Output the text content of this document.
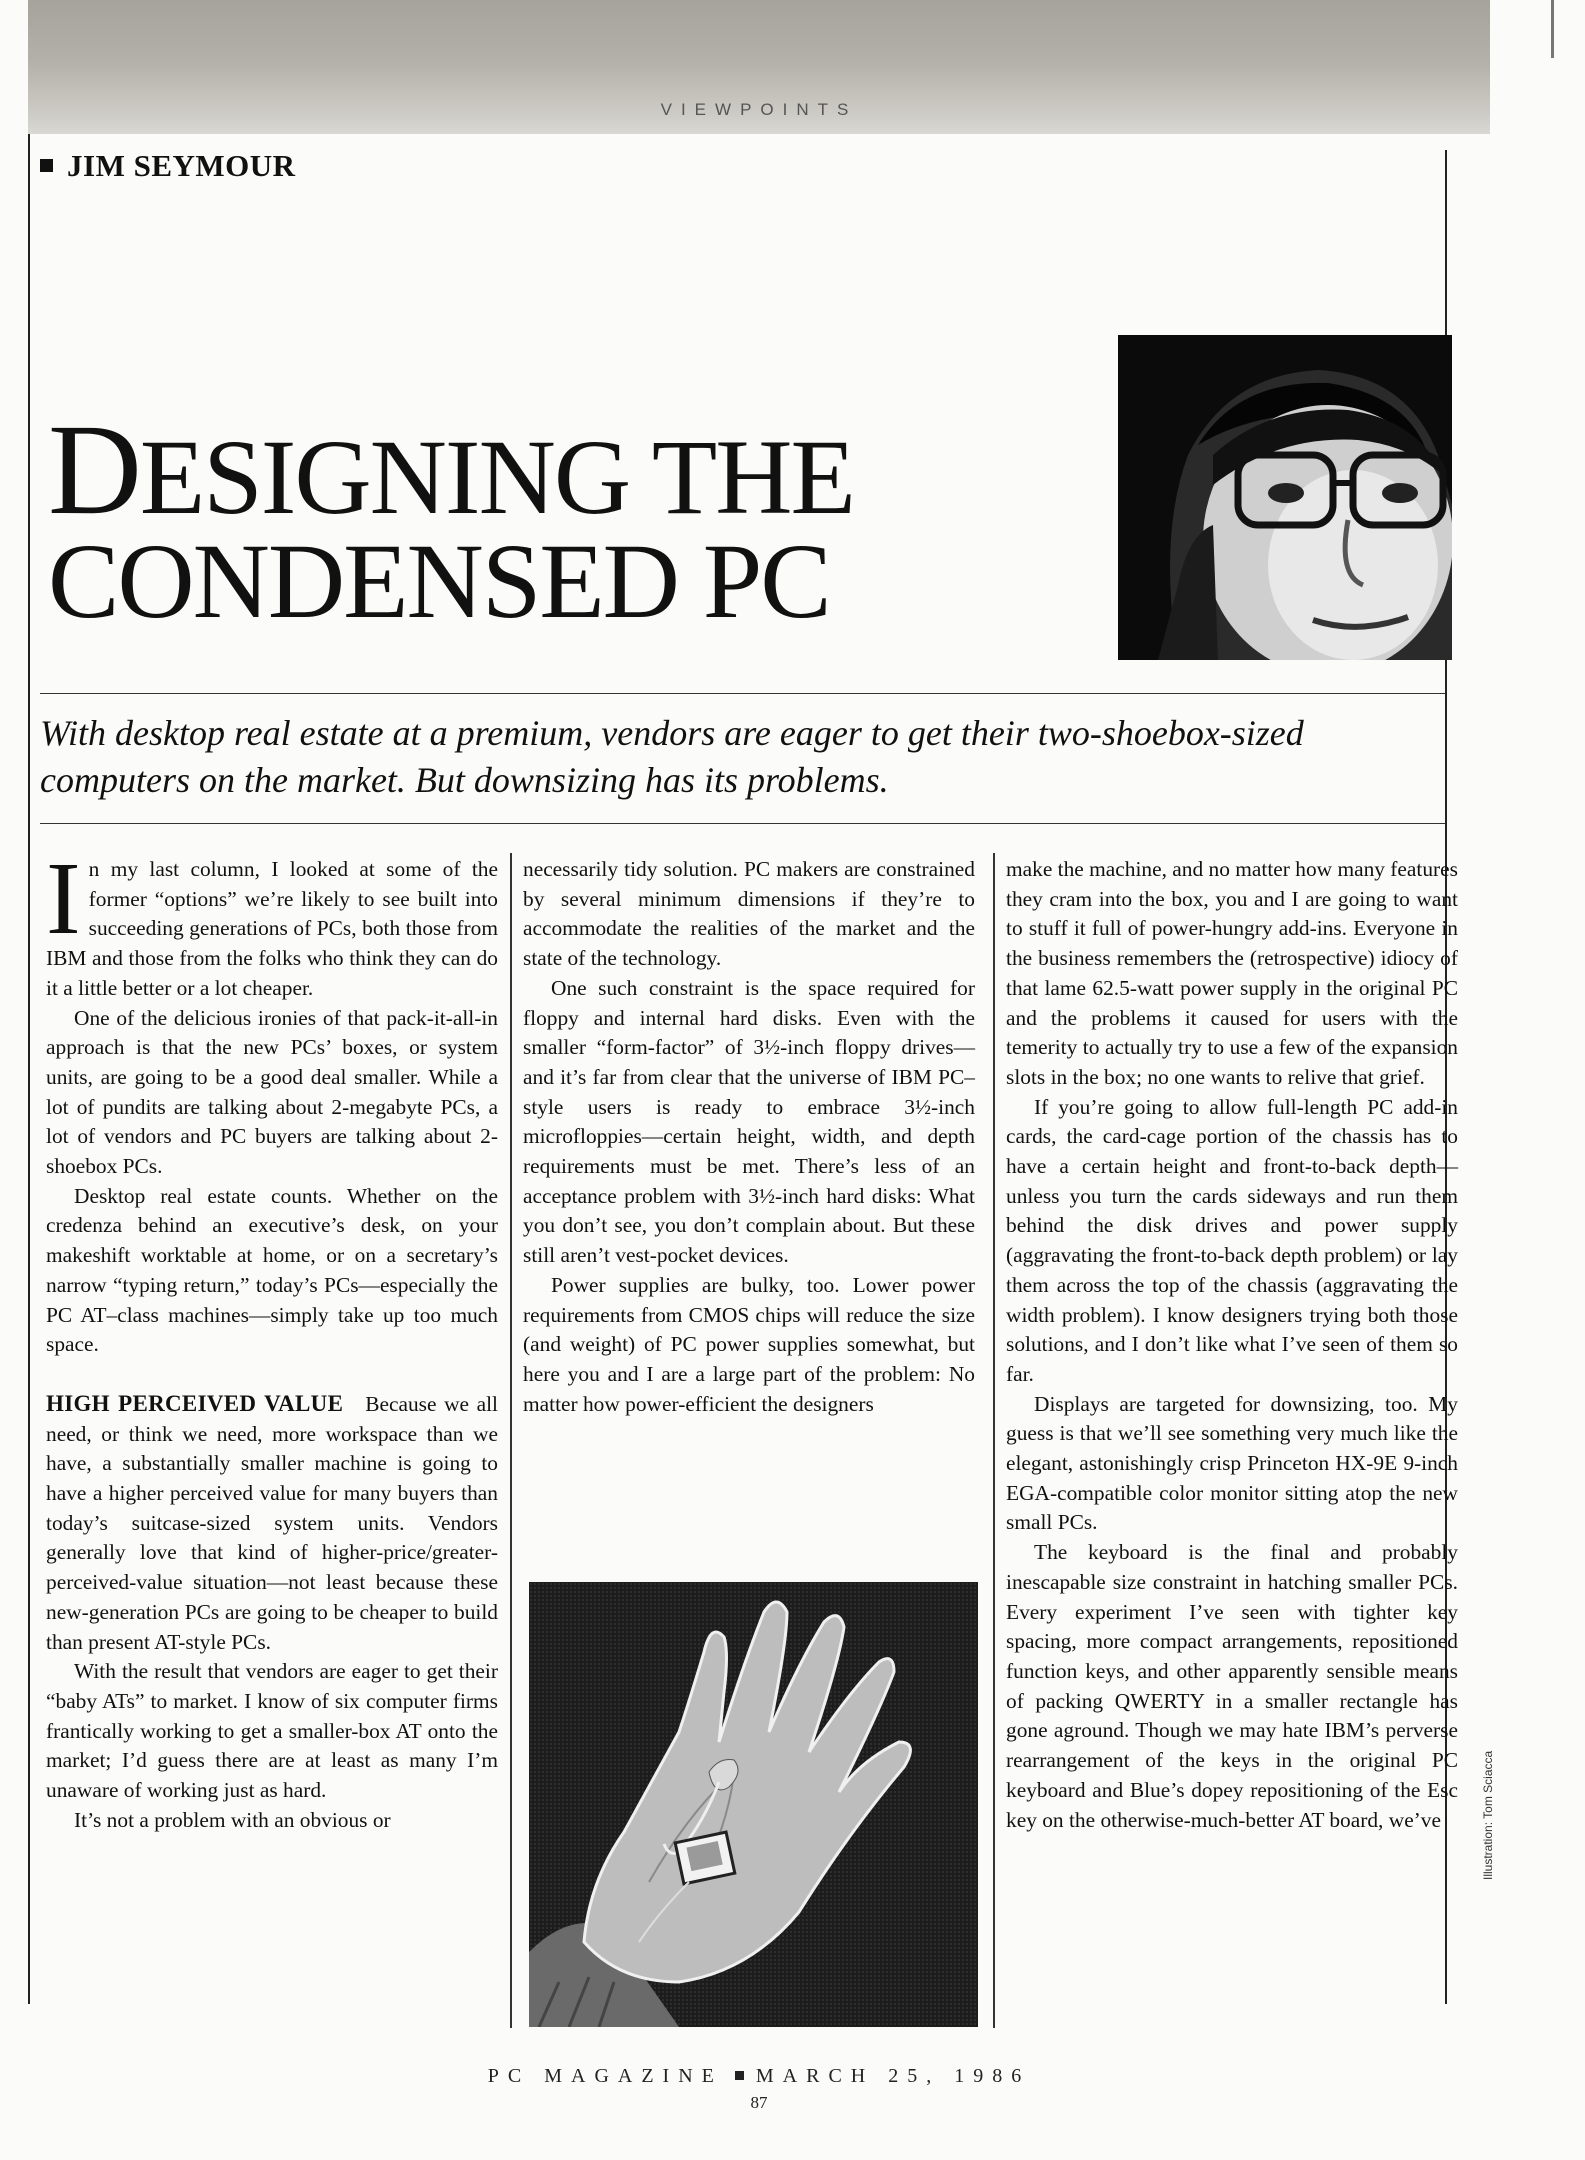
VIEWPOINTS
JIM SEYMOUR
DESIGNING THE
CONDENSED PC
With desktop real estate at a premium, vendors are eager to get their two-shoebox-sized computers on the market. But downsizing has its problems.

In my last column, I looked at some of the former “options” we’re likely to see built into succeeding generations of PCs, both those from IBM and those from the folks who think they can do it a little better or a lot cheaper.

One of the delicious ironies of that pack-it-all-in approach is that the new PCs’ boxes, or system units, are going to be a good deal smaller. While a lot of pundits are talking about 2-megabyte PCs, a lot of vendors and PC buyers are talking about 2-shoebox PCs.

Desktop real estate counts. Whether on the credenza behind an executive’s desk, on your makeshift worktable at home, or on a secretary’s narrow “typing return,” today’s PCs—especially the PC AT–class machines—simply take up too much space.

HIGH PERCEIVED VALUE Because we all need, or think we need, more workspace than we have, a substantially smaller machine is going to have a higher perceived value for many buyers than today’s suitcase-sized system units. Vendors generally love that kind of higher-price/greater-perceived-value situation—not least because these new-generation PCs are going to be cheaper to build than present AT-style PCs.

With the result that vendors are eager to get their “baby ATs” to market. I know of six computer firms frantically working to get a smaller-box AT onto the market; I’d guess there are at least as many I’m unaware of working just as hard.

It’s not a problem with an obvious or

necessarily tidy solution. PC makers are constrained by several minimum dimensions if they’re to accommodate the realities of the market and the state of the technology.

One such constraint is the space required for floppy and internal hard disks. Even with the smaller “form-factor” of 3½-inch floppy drives—and it’s far from clear that the universe of IBM PC–style users is ready to embrace 3½-inch microfloppies—certain height, width, and depth requirements must be met. There’s less of an acceptance problem with 3½-inch hard disks: What you don’t see, you don’t complain about. But these still aren’t vest-pocket devices.

Power supplies are bulky, too. Lower power requirements from CMOS chips will reduce the size (and weight) of PC power supplies somewhat, but here you and I are a large part of the problem: No matter how power-efficient the designers

make the machine, and no matter how many features they cram into the box, you and I are going to want to stuff it full of power-hungry add-ins. Everyone in the business remembers the (retrospective) idiocy of that lame 62.5-watt power supply in the original PC and the problems it caused for users with the temerity to actually try to use a few of the expansion slots in the box; no one wants to relive that grief.

If you’re going to allow full-length PC add-in cards, the card-cage portion of the chassis has to have a certain height and front-to-back depth—unless you turn the cards sideways and run them behind the disk drives and power supply (aggravating the front-to-back depth problem) or lay them across the top of the chassis (aggravating the width problem). I know designers trying both those solutions, and I don’t like what I’ve seen of them so far.

Displays are targeted for downsizing, too. My guess is that we’ll see something very much like the elegant, astonishingly crisp Princeton HX-9E 9-inch EGA-compatible color monitor sitting atop the new small PCs.

The keyboard is the final and probably inescapable size constraint in hatching smaller PCs. Every experiment I’ve seen with tighter key spacing, more compact arrangements, repositioned function keys, and other apparently sensible means of packing QWERTY in a smaller rectangle has gone aground. Though we may hate IBM’s perverse rearrangement of the keys in the original PC keyboard and Blue’s dopey repositioning of the Esc key on the otherwise-much-better AT board, we’ve	Illustration: Tom Sciacca
PC MAGAZINE MARCH 25, 1986
87
